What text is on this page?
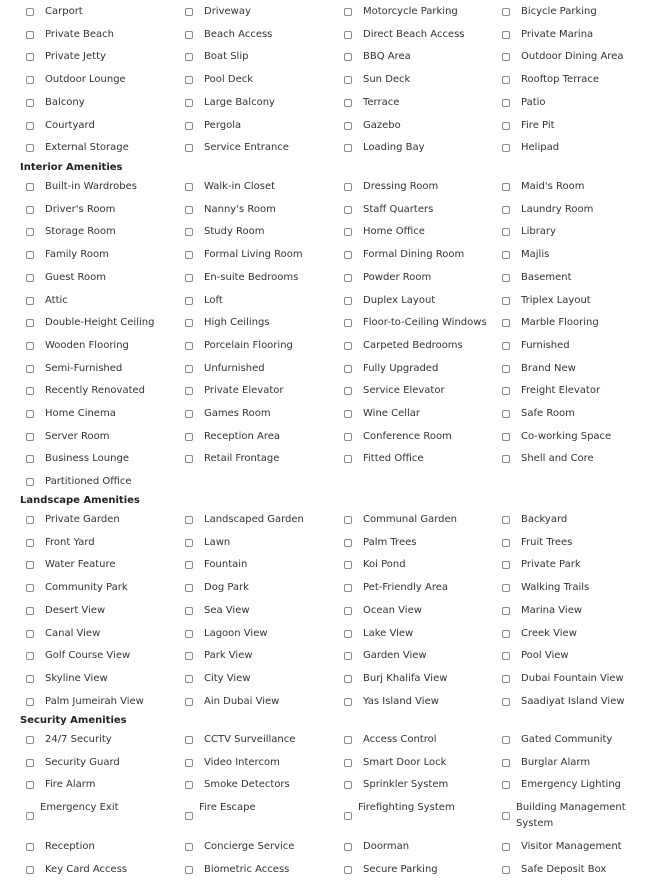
Carport	Driveway	Motorcycle Parking	Bicycle Parking
Private Beach	Beach Access	Direct Beach Access	Private Marina
Private Jetty	Boat Slip	BBQ Area	Outdoor Dining Area
Outdoor Lounge	Pool Deck	Sun Deck	Rooftop Terrace
Balcony	Large Balcony	Terrace	Patio
Courtyard	Pergola	Gazebo	Fire Pit
External Storage	Service Entrance	Loading Bay	Helipad
Interior Amenities
Built-in Wardrobes	Walk-in Closet	Dressing Room	Maid's Room
Driver's Room	Nanny's Room	Staff Quarters	Laundry Room
Storage Room	Study Room	Home Office	Library
Family Room	Formal Living Room	Formal Dining Room	Majlis
Guest Room	En-suite Bedrooms	Powder Room	Basement
Attic	Loft	Duplex Layout	Triplex Layout
Double-Height Ceiling	High Ceilings	Floor-to-Ceiling Windows	Marble Flooring
Wooden Flooring	Porcelain Flooring	Carpeted Bedrooms	Furnished
Semi-Furnished	Unfurnished	Fully Upgraded	Brand New
Recently Renovated	Private Elevator	Service Elevator	Freight Elevator
Home Cinema	Games Room	Wine Cellar	Safe Room
Server Room	Reception Area	Conference Room	Co-working Space
Business Lounge	Retail Frontage	Fitted Office	Shell and Core
Partitioned Office
Landscape Amenities
Private Garden	Landscaped Garden	Communal Garden	Backyard
Front Yard	Lawn	Palm Trees	Fruit Trees
Water Feature	Fountain	Koi Pond	Private Park
Community Park	Dog Park	Pet-Friendly Area	Walking Trails
Desert View	Sea View	Ocean View	Marina View
Canal View	Lagoon View	Lake View	Creek View
Golf Course View	Park View	Garden View	Pool View
Skyline View	City View	Burj Khalifa View	Dubai Fountain View
Palm Jumeirah View	Ain Dubai View	Yas Island View	Saadiyat Island View
Security Amenities
24/7 Security	CCTV Surveillance	Access Control	Gated Community
Security Guard	Video Intercom	Smart Door Lock	Burglar Alarm
Fire Alarm	Smoke Detectors	Sprinkler System	Emergency Lighting
Emergency Exit	Fire Escape	Firefighting System	Building Management System
Reception	Concierge Service	Doorman	Visitor Management
Key Card Access	Biometric Access	Secure Parking	Safe Deposit Box
